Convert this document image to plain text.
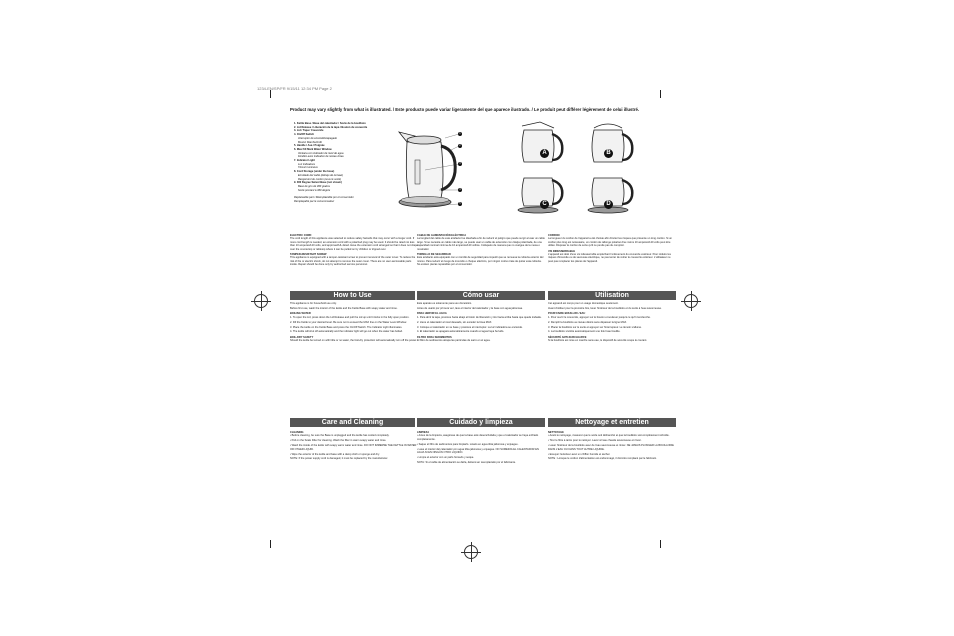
1234-EN/SP/FR 9/15/11 12:34 PM Page 2
Product may vary slightly from what is illustrated. / Este producto puede variar ligeramente del que aparece ilustrado. / Le produit peut différer légèrement de celui illustré.
1. Kettle Base / Base del calentador / Socle de la bouilloire
2. Lid Release / Liberación de la tapa / Bouton du couvercle
3. Lid / Tapa / Couvercle
4. On/Off Switch
Interruptor de encendido/apagado
Bouton Marche/Arrêt
5. Handle / Asa / Poignée
6. Max Fill Mark Water Window
Ventana con indicador de nivel de agua
Fenêtre avec indication de niveau d'eau
7. Indicator Light
Luz indicadora
Témoin lumineux
8. Cord Storage (under the base)
Enrollado del cable (debajo de la base)
Rangement du cordon (sous le socle)
9. 360 Degree Swivel Base (not shown)
Base de giro de 360 grados
Socle pivotant à 360 degrés
Replaceable part / Reemplazable por el consumidor
Remplaçable par le consommateur
1
2
3
4
5
A	B
C	D
ELECTRIC CORD

The cord length of this appliance was selected to reduce safety hazards that may occur with a longer cord. If more cord length is needed, an extension cord with a polarized plug may be used. It should be rated not less than 10 amperes/120 volts, and approved/UL-listed. Have the extension cord arranged so that it does not drape over the countertop or tabletop where it can be pulled on by children or tripped over.

TAMPER-RESISTANT SCREW

This appliance is equipped with a tamper-resistant screw to prevent removal of the outer cover. To reduce the risk of fire or electric shock, do not attempt to remove the outer cover. There are no user-serviceable parts inside. Repair should be done only by authorized service personnel.

CABLE DE ALIMENTACIÓN ELÉCTRICA

La longitud del cable de este artefacto fue diseñada a fin de reducir el peligro que puede surgir al usar un cable largo. Si se necesita un cable más largo, se puede usar un cable de extensión con clavija polarizada, de una capacidad nominal mínima de 10 amperios/120 voltios. Colóquelo de manera que no cuelgue de la mesa o mostrador.

TORNILLO DE SEGURIDAD

Este artefacto está equipado con un tornillo de seguridad para impedir que se remueva la cubierta exterior del mismo. Para reducir el riesgo de incendio o choque eléctrico, por ningún motivo trate de quitar esta cubierta. No existen piezas reparables por el consumidor.

CORDON

La longueur du cordon de l'appareil a été choisie afin d'éviter les risques que présente un long cordon. Si un cordon plus long est nécessaire, un cordon de rallonge polarisé d'au moins 10 ampères/120 volts peut être utilisé. Disposer le cordon de sorte qu'il ne pende pas du comptoir.

VIS INDESSERRABLE

L'appareil est doté d'une vis indesserrable empêchant l'enlèvement du couvercle extérieur. Pour réduire les risques d'incendie ou de secousse électrique, ne pas tenter de retirer le couvercle extérieur. L'utilisateur ne peut pas remplacer les pièces de l'appareil.

How to Use	Cómo usar	Utilisation

This appliance is for household use only.

Before first use, wash the interior of the kettle and the Kettle Base with soapy water and rinse.

BOILING WATER

1. To open the Lid, press down the Lid Release and pull the Lid up until it locks in the fully open position.

2. Fill the Kettle to your desired level. Be sure not to exceed the MAX line on the Water Level Window.

3. Place the kettle on the Kettle Base and press the On/Off Switch. The Indicator Light illuminates.

4. The kettle will shut off automatically and the indicator light will go out when the water has boiled.

BOIL-DRY SAFETY

Should the kettle be turned on with little or no water, the boil-dry protection will automatically turn off the power.

Este aparato es solamente para uso doméstico.

Antes de usarlo por primera vez, lave el interior del calentador y la base con agua jabonosa.

PARA HERVIR EL AGUA

1. Para abrir la tapa, presione hacia abajo el botón de liberación y tire hacia arriba hasta que quede trabada.

2. Llene el calentador al nivel deseado, sin exceder la línea MAX.

3. Coloque el calentador en su base y presione el interruptor. La luz indicadora se enciende.

4. El calentador se apagará automáticamente cuando el agua haya hervido.

FILTRO PARA SEDIMENTOS

El filtro de sedimentos atrapa las partículas de sarro en el agua.

Cet appareil est conçu pour un usage domestique seulement.

Avant d'utiliser pour la première fois, laver l'intérieur de la bouilloire et du socle à l'eau savonneuse.

POUR FAIRE BOUILLIR L'EAU

1. Pour ouvrir le couvercle, appuyer sur le bouton et soulever jusqu'à ce qu'il s'enclenche.

2. Remplir la bouilloire au niveau désiré sans dépasser la ligne MAX.

3. Placer la bouilloire sur le socle et appuyer sur l'interrupteur. Le témoin s'allume.

4. La bouilloire s'arrête automatiquement une fois l'eau bouillie.

SÉCURITÉ ANTI-SURCHAUFFE

Si la bouilloire est mise en marche sans eau, le dispositif de sécurité coupe le courant.

Care and Cleaning	Cuidado y limpieza	Nettoyage et entretien
CLEANING

• Before cleaning, be sure the Base is unplugged and the kettle has cooled completely.

• Pull on the Scale Filter for cleaning. Wash the filter in warm soapy water and rinse.

• Wash the inside of the kettle with soapy warm water and rinse. DO NOT IMMERSE THE KETTLE IN WATER OR OTHER LIQUID.

• Wipe the exterior of the kettle and base with a damp cloth or sponge and dry.

NOTE: If the power supply cord is damaged, it must be replaced by the manufacturer.

LIMPIEZA

• Antes de la limpieza, asegúrese de que la base esté desenchufada y que el calentador se haya enfriado completamente.

• Saque el filtro de sedimentos para limpiarlo. Lávelo en agua tibia jabonosa y enjuague.

• Lave el interior del calentador con agua tibia jabonosa y enjuague. NO SUMERJA EL CALENTADOR EN AGUA NI EN NINGÚN OTRO LÍQUIDO.

• Limpie el exterior con un paño húmedo y seque.

NOTA: Si el cable de alimentación se daña, deberá ser reemplazado por el fabricante.

NETTOYAGE

• Avant le nettoyage, s'assurer que le socle soit débranché et que la bouilloire soit complètement refroidie.

• Tirer le filtre à tartre pour le nettoyer. Laver à l'eau chaude savonneuse et rincer.

• Laver l'intérieur de la bouilloire avec de l'eau savonneuse et rincer. NE JAMAIS PLONGER LA BOUILLOIRE DANS L'EAU OU DANS TOUT AUTRE LIQUIDE.

• Essuyer l'extérieur avec un chiffon humide et sécher.

NOTE : Lorsque le cordon d'alimentation est endommagé, il doit être remplacé par le fabricant.
